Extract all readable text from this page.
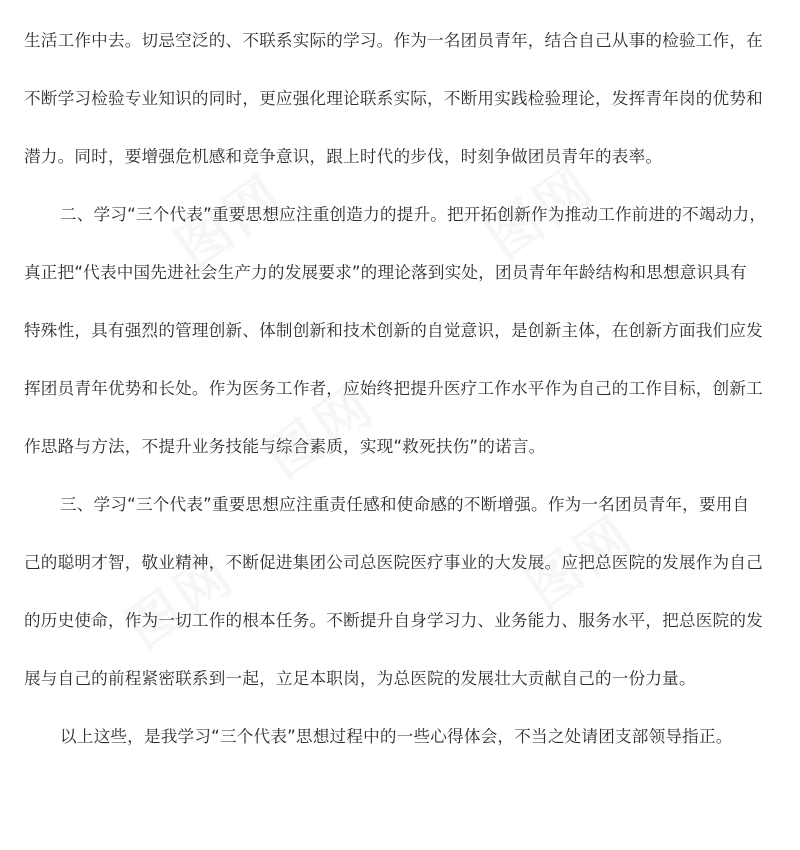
生活工作中去。切忌空泛的、不联系实际的学习。作为一名团员青年，结合自己从事的检验工作，在
不断学习检验专业知识的同时，更应强化理论联系实际，不断用实践检验理论，发挥青年岗的优势和
潜力。同时，要增强危机感和竞争意识，跟上时代的步伐，时刻争做团员青年的表率。
二、学习“三个代表”重要思想应注重创造力的提升。把开拓创新作为推动工作前进的不竭动力，
真正把“代表中国先进社会生产力的发展要求”的理论落到实处，团员青年年龄结构和思想意识具有
特殊性，具有强烈的管理创新、体制创新和技术创新的自觉意识，是创新主体，在创新方面我们应发
挥团员青年优势和长处。作为医务工作者，应始终把提升医疗工作水平作为自己的工作目标，创新工
作思路与方法，不提升业务技能与综合素质，实现“救死扶伤”的诺言。
三、学习“三个代表”重要思想应注重责任感和使命感的不断增强。作为一名团员青年，要用自
己的聪明才智，敬业精神，不断促进集团公司总医院医疗事业的大发展。应把总医院的发展作为自己
的历史使命，作为一切工作的根本任务。不断提升自身学习力、业务能力、服务水平，把总医院的发
展与自己的前程紧密联系到一起，立足本职岗，为总医院的发展壮大贡献自己的一份力量。
以上这些，是我学习“三个代表”思想过程中的一些心得体会，不当之处请团支部领导指正。
